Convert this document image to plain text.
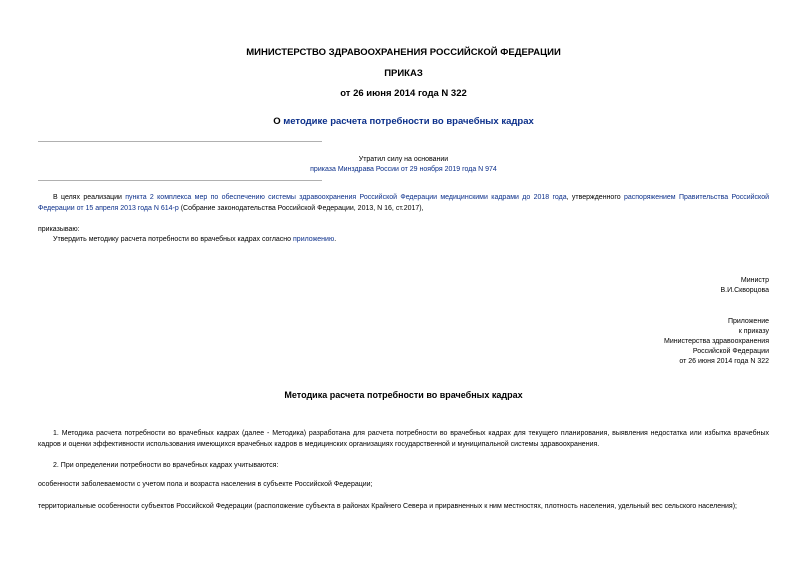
МИНИСТЕРСТВО ЗДРАВООХРАНЕНИЯ РОССИЙСКОЙ ФЕДЕРАЦИИ
ПРИКАЗ
от 26 июня 2014 года N 322
О методике расчета потребности во врачебных кадрах
Утратил силу на основании
приказа Минздрава России от 29 ноября 2019 года N 974
В целях реализации пункта 2 комплекса мер по обеспечению системы здравоохранения Российской Федерации медицинскими кадрами до 2018 года, утвержденного распоряжением Правительства Российской Федерации от 15 апреля 2013 года N 614-р (Собрание законодательства Российской Федерации, 2013, N 16, ст.2017),
приказываю:
Утвердить методику расчета потребности во врачебных кадрах согласно приложению.
Министр
В.И.Скворцова
Приложение
к приказу
Министерства здравоохранения
Российской Федерации
от 26 июня 2014 года N 322
Методика расчета потребности во врачебных кадрах
1. Методика расчета потребности во врачебных кадрах (далее - Методика) разработана для расчета потребности во врачебных кадрах для текущего планирования, выявления недостатка или избытка врачебных кадров и оценки эффективности использования имеющихся врачебных кадров в медицинских организациях государственной и муниципальной системы здравоохранения.
2. При определении потребности во врачебных кадрах учитываются:
особенности заболеваемости с учетом пола и возраста населения в субъекте Российской Федерации;
территориальные особенности субъектов Российской Федерации (расположение субъекта в районах Крайнего Севера и приравненных к ним местностях, плотность населения, удельный вес сельского населения);
